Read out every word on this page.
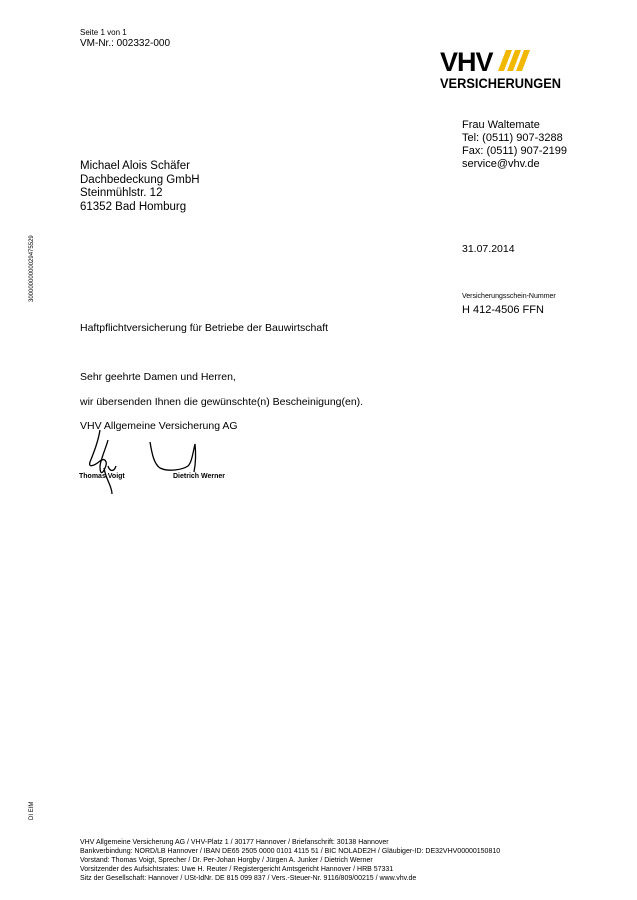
Seite 1 von 1
VM-Nr.: 002332-000
VHV
VERSICHERUNGEN
Frau Waltemate
Tel: (0511) 907-3288
Fax: (0511) 907-2199
service@vhv.de
Michael Alois Schäfer
Dachbedeckung GmbH
Steinmühlstr. 12
61352 Bad Homburg
30000000000029475529	31.07.2014
Versicherungsschein-Nummer
H 412-4506 FFN
Haftpflichtversicherung für Betriebe der Bauwirtschaft
Sehr geehrte Damen und Herren,
wir übersenden Ihnen die gewünschte(n) Bescheinigung(en).
VHV Allgemeine Versicherung AG
Thomas Voigt	Dietrich Werner
DI EIM
VHV Allgemeine Versicherung AG / VHV-Platz 1 / 30177 Hannover / Briefanschrift: 30138 Hannover
Bankverbindung: NORD/LB Hannover / IBAN DE65 2505 0000 0101 4115 51 / BIC NOLADE2H / Gläubiger-ID: DE32VHV00000150810
Vorstand: Thomas Voigt, Sprecher / Dr. Per-Johan Horgby / Jürgen A. Junker / Dietrich Werner
Vorsitzender des Aufsichtsrates: Uwe H. Reuter / Registergericht Amtsgericht Hannover / HRB 57331
Sitz der Gesellschaft: Hannover / USt-IdNr. DE 815 099 837 / Vers.-Steuer-Nr. 9116/809/00215 / www.vhv.de
